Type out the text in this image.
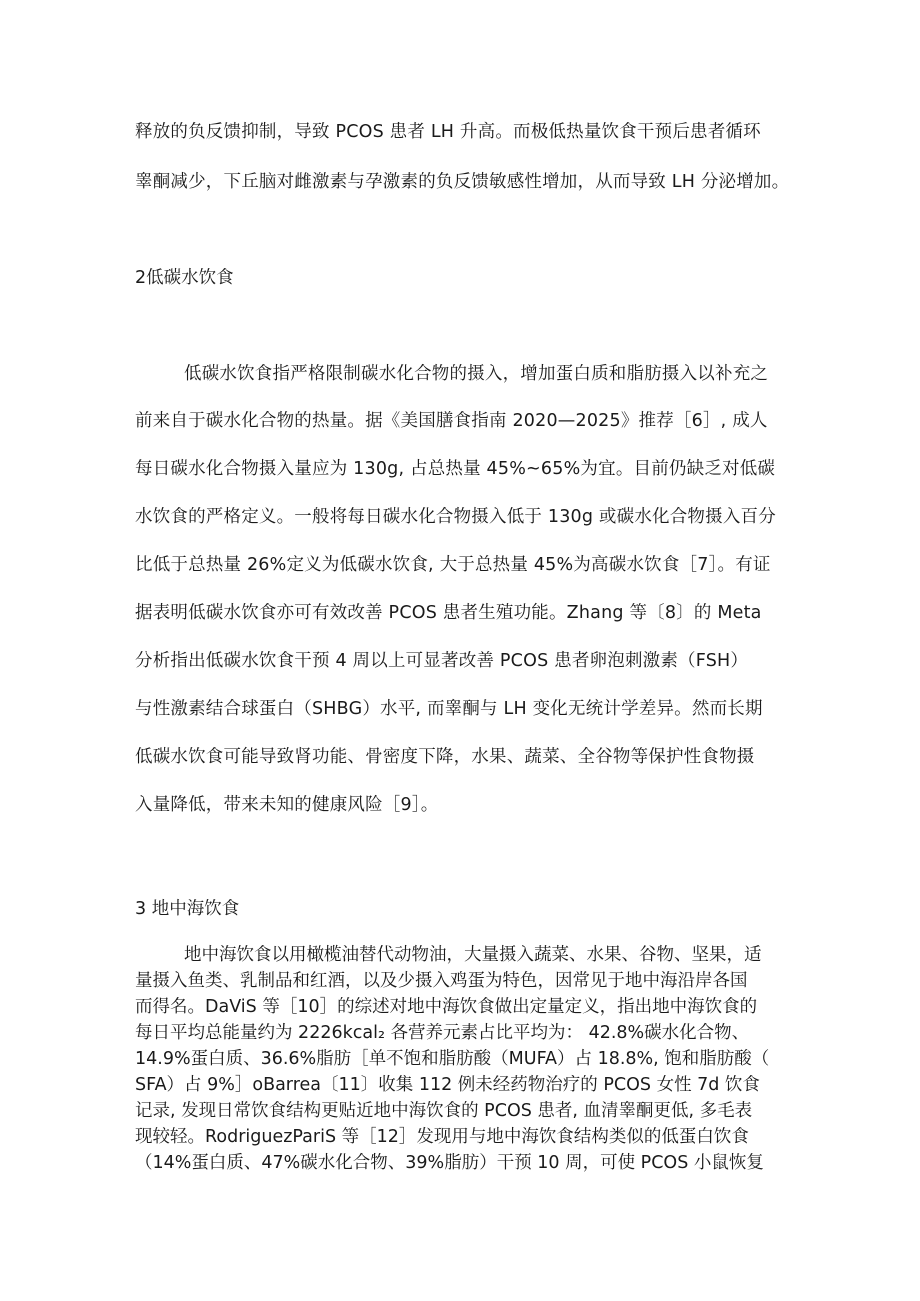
释放的负反馈抑制，导致 PCOS 患者 LH 升高。而极低热量饮食干预后患者循环

睾酮减少，下丘脑对雌激素与孕激素的负反馈敏感性增加，从而导致 LH 分泌增加。

2低碳水饮食

低碳水饮食指严格限制碳水化合物的摄入，增加蛋白质和脂肪摄入以补充之

前来自于碳水化合物的热量。据《美国膳食指南 2020—2025》推荐［6］, 成人

每日碳水化合物摄入量应为 130g, 占总热量 45%~65%为宜。目前仍缺乏对低碳

水饮食的严格定义。一般将每日碳水化合物摄入低于 130g 或碳水化合物摄入百分

比低于总热量 26%定义为低碳水饮食, 大于总热量 45%为高碳水饮食［7］。有证

据表明低碳水饮食亦可有效改善 PCOS 患者生殖功能。Zhang 等〔8〕的 Meta

分析指出低碳水饮食干预 4 周以上可显著改善 PCOS 患者卵泡刺激素（FSH）

与性激素结合球蛋白（SHBG）水平, 而睾酮与 LH 变化无统计学差异。然而长期

低碳水饮食可能导致肾功能、骨密度下降，水果、蔬菜、全谷物等保护性食物摄

入量降低，带来未知的健康风险［9］。

3 地中海饮食

地中海饮食以用橄榄油替代动物油，大量摄入蔬菜、水果、谷物、坚果，适

量摄入鱼类、乳制品和红酒，以及少摄入鸡蛋为特色，因常见于地中海沿岸各国

而得名。DaViS 等［10］的综述对地中海饮食做出定量定义，指出地中海饮食的

每日平均总能量约为 2226kcal₂ 各营养元素占比平均为： 42.8%碳水化合物、

14.9%蛋白质、36.6%脂肪［单不饱和脂肪酸（MUFA）占 18.8%, 饱和脂肪酸（

SFA）占 9%］oBarrea〔11〕收集 112 例未经药物治疗的 PCOS 女性 7d 饮食

记录, 发现日常饮食结构更贴近地中海饮食的 PCOS 患者, 血清睾酮更低, 多毛表

现较轻。RodriguezPariS 等［12］发现用与地中海饮食结构类似的低蛋白饮食

（14%蛋白质、47%碳水化合物、39%脂肪）干预 10 周，可使 PCOS 小鼠恢复
